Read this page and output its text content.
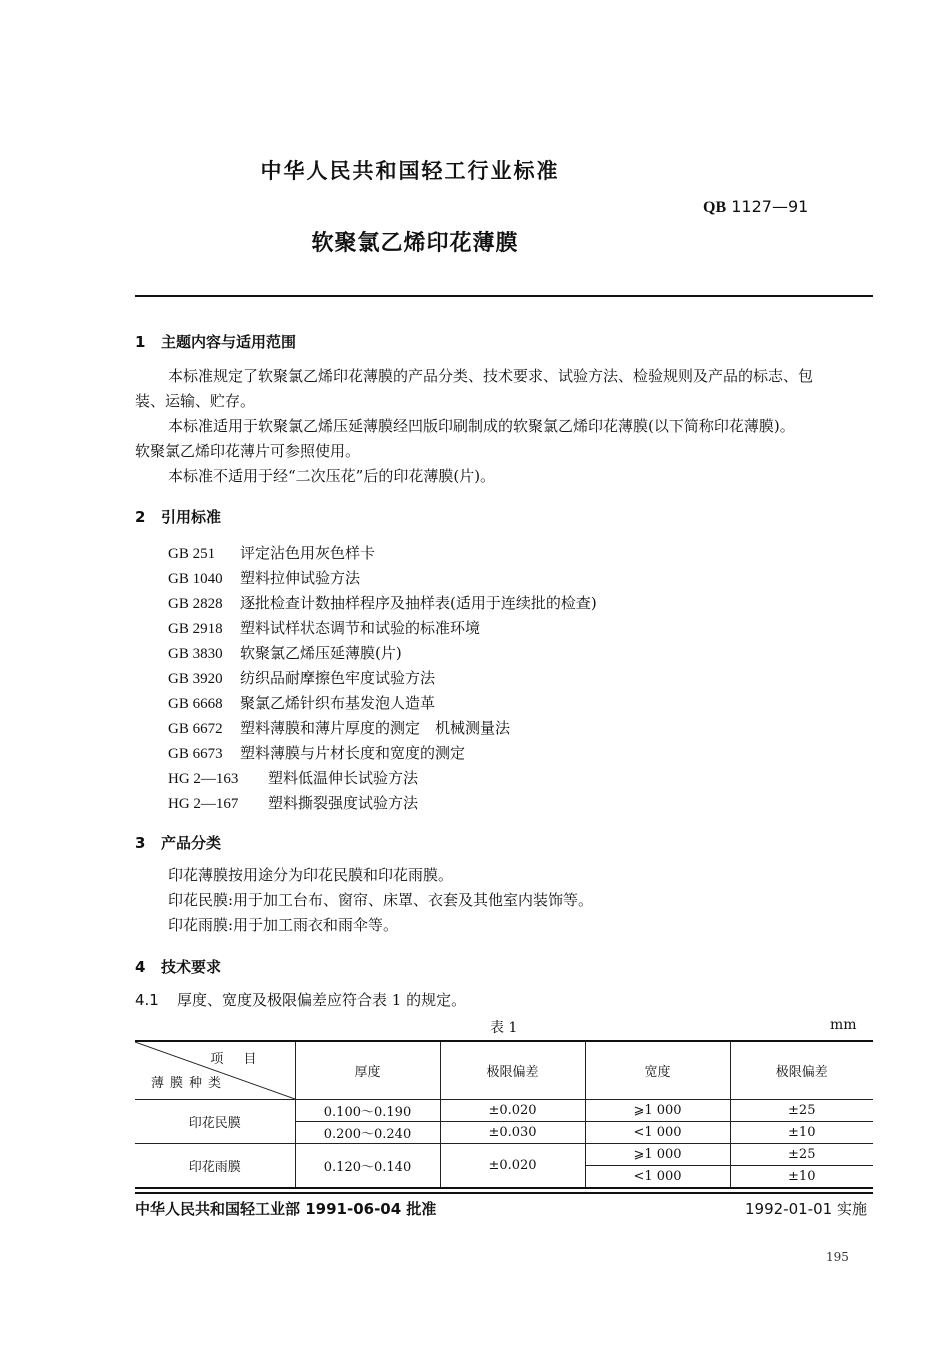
中华人民共和国轻工行业标准
QB 1127—91
软聚氯乙烯印花薄膜
1 主题内容与适用范围
本标准规定了软聚氯乙烯印花薄膜的产品分类、技术要求、试验方法、检验规则及产品的标志、包
装、运输、贮存。
本标准适用于软聚氯乙烯压延薄膜经凹版印刷制成的软聚氯乙烯印花薄膜(以下简称印花薄膜)。
软聚氯乙烯印花薄片可参照使用。
本标准不适用于经“二次压花”后的印花薄膜(片)。
2 引用标准
GB 251 评定沾色用灰色样卡
GB 1040 塑料拉伸试验方法
GB 2828 逐批检查计数抽样程序及抽样表(适用于连续批的检查)
GB 2918 塑料试样状态调节和试验的标准环境
GB 3830 软聚氯乙烯压延薄膜(片)
GB 3920 纺织品耐摩擦色牢度试验方法
GB 6668 聚氯乙烯针织布基发泡人造革
GB 6672 塑料薄膜和薄片厚度的测定　机械测量法
GB 6673 塑料薄膜与片材长度和宽度的测定
HG 2—163 塑料低温伸长试验方法
HG 2—167 塑料撕裂强度试验方法
3 产品分类
印花薄膜按用途分为印花民膜和印花雨膜。
印花民膜:用于加工台布、窗帘、床罩、衣套及其他室内装饰等。
印花雨膜:用于加工雨衣和雨伞等。
4 技术要求
4.1 厚度、宽度及极限偏差应符合表 1 的规定。
表 1	mm
项 目
薄膜种类	厚度	极限偏差	宽度	极限偏差
印花民膜	0.100～0.190	±0.020	⩾1 000	±25
	0.200～0.240	±0.030	<1 000	±10
印花雨膜	0.120～0.140	±0.020	⩾1 000	±25
			<1 000	±10
中华人民共和国轻工业部 1991-06-04 批准	1992-01-01 实施
195
